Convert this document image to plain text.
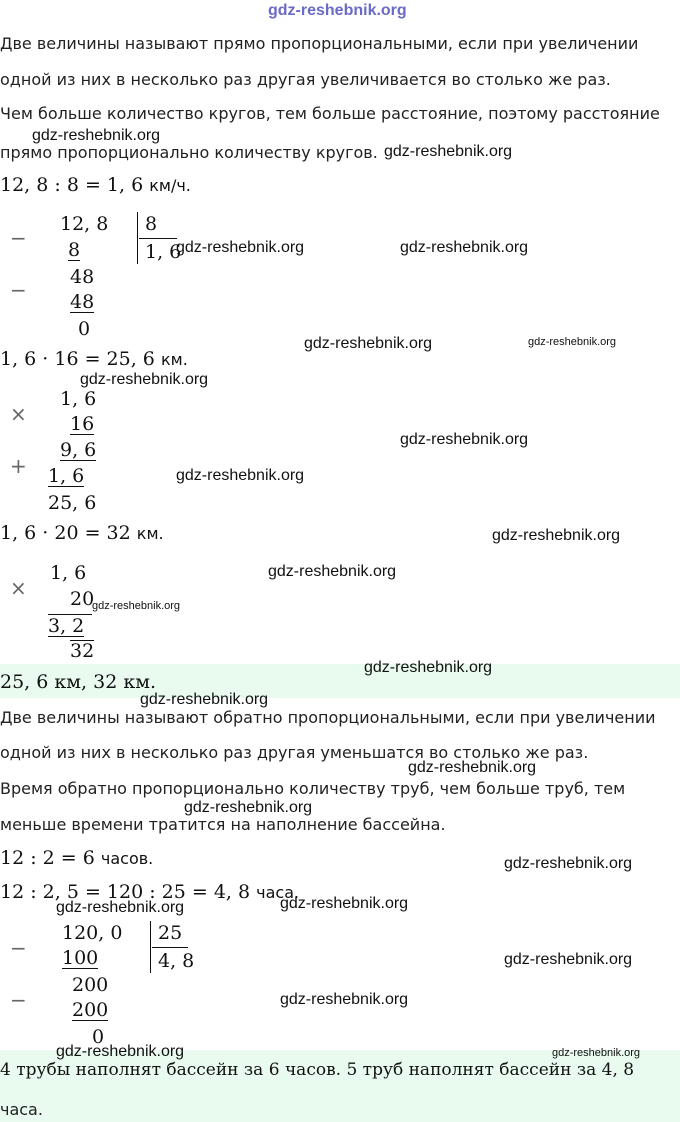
gdz-reshebnik.org
Две величины называют прямо пропорциональными, если при увеличении
одной из них в несколько раз другая увеличивается во столько же раз.
Чем больше количество кругов, тем больше расстояние, поэтому расстояние
gdz-reshebnik.org
прямо пропорционально количеству кругов. gdz-reshebnik.org
12, 8 : 8 = 1, 6 км/ч.
−
12, 8
8
8
1, 6
gdz-reshebnik.org	gdz-reshebnik.org
−
48
48
0
gdz-reshebnik.org	gdz-reshebnik.org
1, 6 · 16 = 25, 6 км.
gdz-reshebnik.org
×
1, 6
16
9, 6	gdz-reshebnik.org
+ 1, 6	gdz-reshebnik.org
25, 6
1, 6 · 20 = 32 км.	gdz-reshebnik.org
×
1, 6	gdz-reshebnik.org
20
gdz-reshebnik.org
3, 2
32
gdz-reshebnik.org
25, 6 км, 32 км.
gdz-reshebnik.org
Две величины называют обратно пропорциональными, если при увеличении
одной из них в несколько раз другая уменьшатся во столько же раз.
gdz-reshebnik.org
Время обратно пропорционально количеству труб, чем больше труб, тем
gdz-reshebnik.org
меньше времени тратится на наполнение бассейна.
12 : 2 = 6 часов.	gdz-reshebnik.org
12 : 2, 5 = 120 : 25 = 4, 8 часа.
gdz-reshebnik.org	gdz-reshebnik.org
−
120, 0
100
25
4, 8	gdz-reshebnik.org
−
200
gdz-reshebnik.org
200
0
gdz-reshebnik.org	gdz-reshebnik.org
4 трубы наполнят бассейн за 6 часов. 5 труб наполнят бассейн за 4, 8
часа.
